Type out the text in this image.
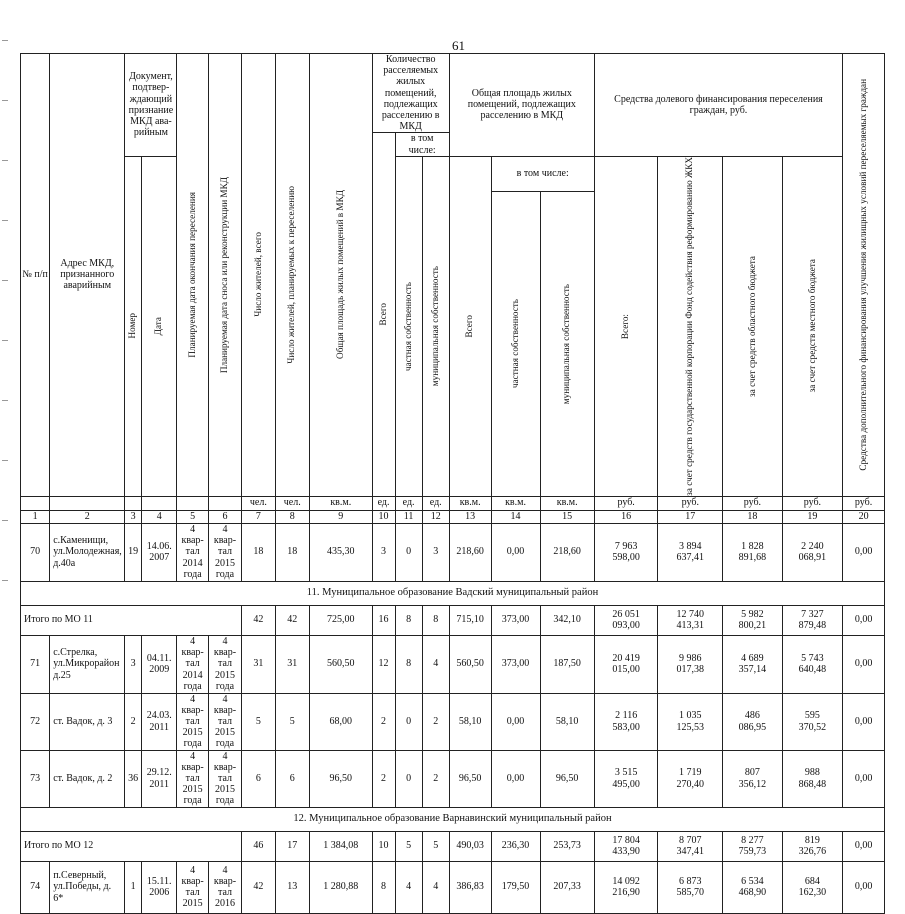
61
№ п/п	Адрес МКД, признанного аварийным	Документ, подтвер-ждающий признание МКД ава-рийным		Планируемая дата окончания переселения	Планируемая дата сноса или реконструкции МКД	Число жителей, всего	Число жителей, планируемых к переселению	Общая площадь жилых помещений в МКД	Количество расселяемых жилых помещений, подлежащих расселению в МКД			Общая площадь жилых помещений, подлежащих расселению в МКД			Средства долевого финансирования переселения граждан, руб.				Средства дополнительного финансирования улучшения жилищных условий переселяемых граждан

									Всего	в том числе:									

		Номер	Дата							частная собственность	муниципальная собственность	Всего	в том числе:		Всего:	за счет средств государственной корпорации Фонд содействия реформированию ЖКХ	за счет средств областного бюджета	за счет средств местного бюджета	

													частная собственность	муниципальная собственность					

						чел.	чел.	кв.м.	ед.	ед.	ед.	кв.м.	кв.м.	кв.м.	руб.	руб.	руб.	руб.	руб.
1	2	3	4	5	6	7	8	9	10	11	12	13	14	15	16	17	18	19	20
70	с.Каменищи, ул.Молодежная, д.40а	19	14.06. 2007	4
квар-
тал
2014
года	4
квар-
тал
2015
года	18	18	435,30	3	0	3	218,60	0,00	218,60	7 963
598,00	3 894
637,41	1 828
891,68	2 240
068,91	0,00
11. Муниципальное образование Вадский муниципальный район																			
Итого по МО 11						42	42	725,00	16	8	8	715,10	373,00	342,10	26 051
093,00	12 740
413,31	5 982
800,21	7 327
879,48	0,00
71	с.Стрелка, ул.Микрорайон д.25	3	04.11. 2009	4
квар-
тал
2014
года	4
квар-
тал
2015
года	31	31	560,50	12	8	4	560,50	373,00	187,50	20 419
015,00	9 986
017,38	4 689
357,14	5 743
640,48	0,00
72	ст. Вадок, д. 3	2	24.03. 2011	4
квар-
тал
2015
года	4
квар-
тал
2015
года	5	5	68,00	2	0	2	58,10	0,00	58,10	2 116
583,00	1 035
125,53	486
086,95	595
370,52	0,00
73	ст. Вадок, д. 2	36	29.12. 2011	4
квар-
тал
2015
года	4
квар-
тал
2015
года	6	6	96,50	2	0	2	96,50	0,00	96,50	3 515
495,00	1 719
270,40	807
356,12	988
868,48	0,00
12. Муниципальное образование Варнавинский муниципальный район																			
Итого по МО 12						46	17	1 384,08	10	5	5	490,03	236,30	253,73	17 804
433,90	8 707
347,41	8 277
759,73	819
326,76	0,00
74	п.Северный, ул.Победы, д. 6*	1	15.11. 2006	4
квар-
тал
2015	4
квар-
тал
2016	42	13	1 280,88	8	4	4	386,83	179,50	207,33	14 092
216,90	6 873
585,70	6 534
468,90	684
162,30	0,00
